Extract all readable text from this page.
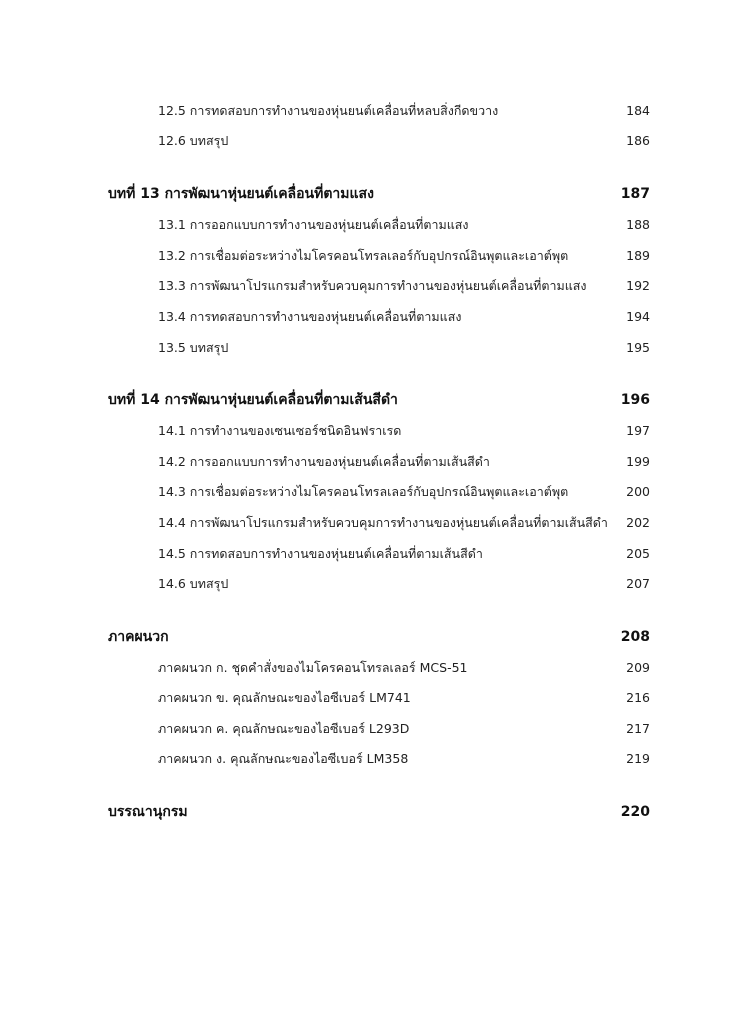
12.5 การทดสอบการทำงานของหุ่นยนต์เคลื่อนที่หลบสิ่งกีดขวาง	184
12.6 บทสรุป	186
บทที่ 13 การพัฒนาหุ่นยนต์เคลื่อนที่ตามแสง	187
13.1 การออกแบบการทำงานของหุ่นยนต์เคลื่อนที่ตามแสง	188
13.2 การเชื่อมต่อระหว่างไมโครคอนโทรลเลอร์กับอุปกรณ์อินพุตและเอาต์พุต	189
13.3 การพัฒนาโปรแกรมสำหรับควบคุมการทำงานของหุ่นยนต์เคลื่อนที่ตามแสง	192
13.4 การทดสอบการทำงานของหุ่นยนต์เคลื่อนที่ตามแสง	194
13.5 บทสรุป	195
บทที่ 14 การพัฒนาหุ่นยนต์เคลื่อนที่ตามเส้นสีดำ	196
14.1 การทำงานของเซนเซอร์ชนิดอินฟราเรด	197
14.2 การออกแบบการทำงานของหุ่นยนต์เคลื่อนที่ตามเส้นสีดำ	199
14.3 การเชื่อมต่อระหว่างไมโครคอนโทรลเลอร์กับอุปกรณ์อินพุตและเอาต์พุต	200
14.4 การพัฒนาโปรแกรมสำหรับควบคุมการทำงานของหุ่นยนต์เคลื่อนที่ตามเส้นสีดำ 202
14.5 การทดสอบการทำงานของหุ่นยนต์เคลื่อนที่ตามเส้นสีดำ	205
14.6 บทสรุป	207
ภาคผนวก	208
ภาคผนวก ก. ชุดคำสั่งของไมโครคอนโทรลเลอร์ MCS-51	209
ภาคผนวก ข. คุณลักษณะของไอซีเบอร์ LM741	216
ภาคผนวก ค. คุณลักษณะของไอซีเบอร์ L293D	217
ภาคผนวก ง. คุณลักษณะของไอซีเบอร์ LM358	219
บรรณานุกรม	220
